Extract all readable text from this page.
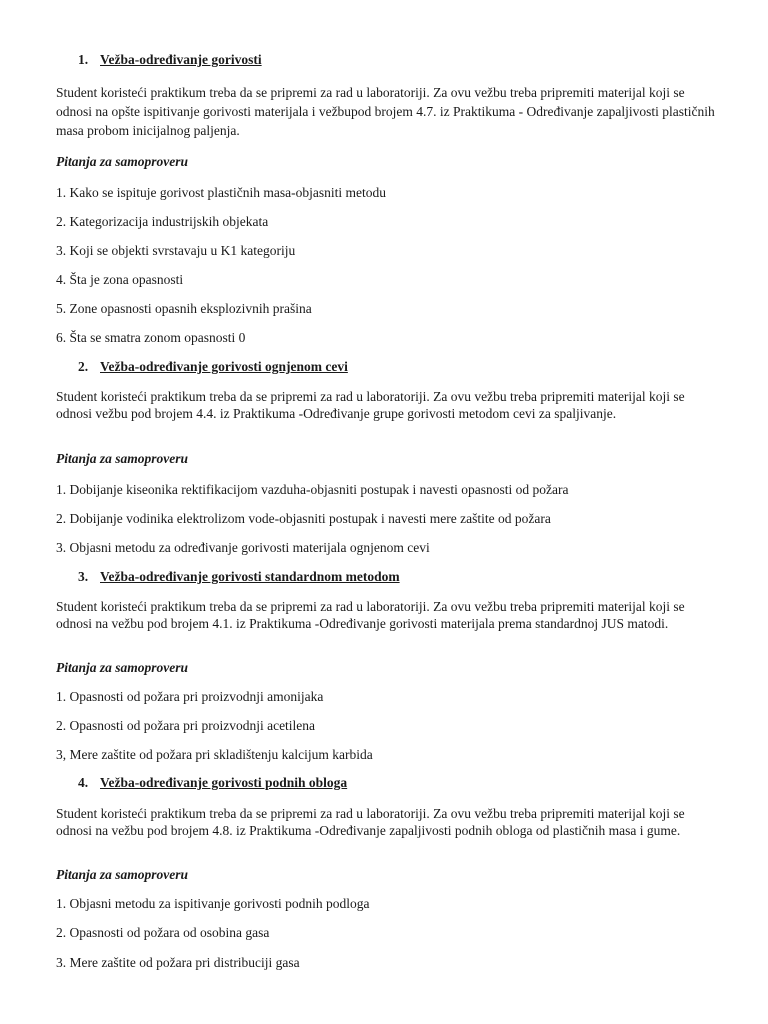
1. Vežba-određivanje gorivosti
Student koristeći praktikum treba da se pripremi za rad u laboratoriji. Za ovu vežbu treba pripremiti materijal koji se odnosi na opšte ispitivanje gorivosti materijala i vežbupod brojem 4.7. iz Praktikuma - Određivanje zapaljivosti plastičnih masa probom inicijalnog paljenja.
Pitanja za samoproveru
1. Kako se ispituje gorivost plastičnih masa-objasniti metodu
2. Kategorizacija industrijskih objekata
3. Koji se objekti svrstavaju u K1 kategoriju
4. Šta je zona opasnosti
5. Zone opasnosti opasnih eksplozivnih prašina
6. Šta se smatra zonom opasnosti 0
2. Vežba-određivanje gorivosti ognjenom cevi
Student koristeći praktikum treba da se pripremi za rad u laboratoriji. Za ovu vežbu treba pripremiti materijal koji se odnosi vežbu pod brojem 4.4. iz Praktikuma -Određivanje grupe gorivosti metodom cevi za spaljivanje.
Pitanja za samoproveru
1. Dobijanje kiseonika rektifikacijom vazduha-objasniti postupak i navesti opasnosti od požara
2. Dobijanje vodinika elektrolizom vode-objasniti postupak i navesti mere zaštite od požara
3. Objasni metodu za određivanje gorivosti materijala ognjenom cevi
3. Vežba-određivanje gorivosti standardnom metodom
Student koristeći praktikum treba da se pripremi za rad u laboratoriji. Za ovu vežbu treba pripremiti materijal koji se odnosi na vežbu pod brojem 4.1. iz Praktikuma -Određivanje gorivosti materijala prema standardnoj JUS matodi.
Pitanja za samoproveru
1. Opasnosti od požara pri proizvodnji amonijaka
2. Opasnosti od požara pri proizvodnji acetilena
3, Mere zaštite od požara pri skladištenju kalcijum karbida
4. Vežba-određivanje gorivosti podnih obloga
Student koristeći praktikum treba da se pripremi za rad u laboratoriji. Za ovu vežbu treba pripremiti materijal koji se odnosi na vežbu pod brojem 4.8. iz Praktikuma -Određivanje zapaljivosti podnih obloga od plastičnih masa i gume.
Pitanja za samoproveru
1. Objasni metodu za ispitivanje gorivosti podnih podloga
2. Opasnosti od požara od osobina gasa
3. Mere zaštite od požara pri distribuciji gasa
